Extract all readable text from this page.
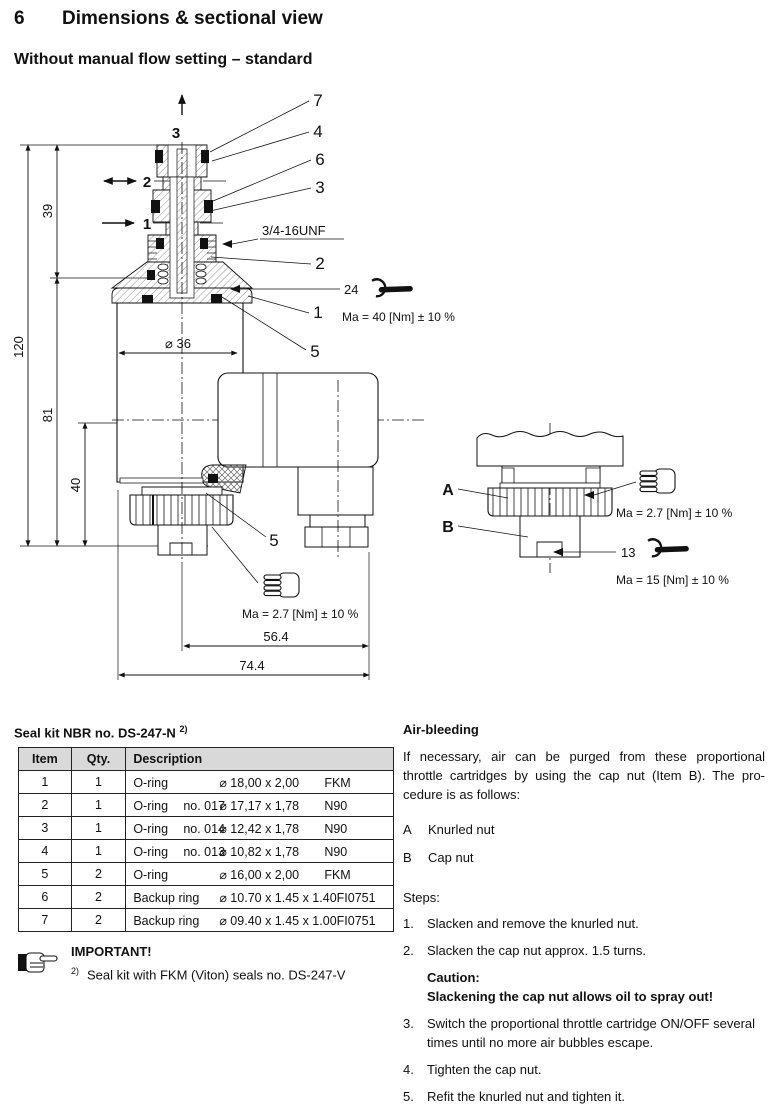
6 Dimensions & sectional view
Without manual flow setting – standard
120
39
81
40
3
2
1
⌀ 36
7
4
6
3
2
1
5
5
3/4-16UNF
24
Ma = 40 [Nm] ± 10 %
Ma = 2.7 [Nm] ± 10 %
56.4
74.4
A
B
Ma = 2.7 [Nm] ± 10 %
13
Ma = 15 [Nm] ± 10 %
Seal kit NBR no. DS-247-N $^{2)}$
Item	Qty.	Description
1	1	O-ring ⌀ 18,00 x 2,00 FKM
2	1	O-ring no. 017⌀ 17,17 x 1,78 N90
3	1	O-ring no. 014⌀ 12,42 x 1,78 N90
4	1	O-ring no. 013⌀ 10,82 x 1,78 N90
5	2	O-ring ⌀ 16,00 x 2,00 FKM
6	2	Backup ring ⌀ 10.70 x 1.45 x 1.40FI0751
7	2	Backup ring ⌀ 09.40 x 1.45 x 1.00FI0751
IMPORTANT!
$^{2)}$ Seal kit with FKM (Viton) seals no. DS-247-V
Air-bleeding
If necessary, air can be purged from these proportional
throttle cartridges by using the cap nut (Item B). The pro-
cedure is as follows:
A	Knurled nut
B	Cap nut
Steps:
1.	Slacken and remove the knurled nut.
2.	Slacken the cap nut approx. 1.5 turns.
Caution:
Slackening the cap nut allows oil to spray out!
3.	Switch the proportional throttle cartridge ON/OFF several times until no more air bubbles escape.
4.	Tighten the cap nut.
5.	Refit the knurled nut and tighten it.
